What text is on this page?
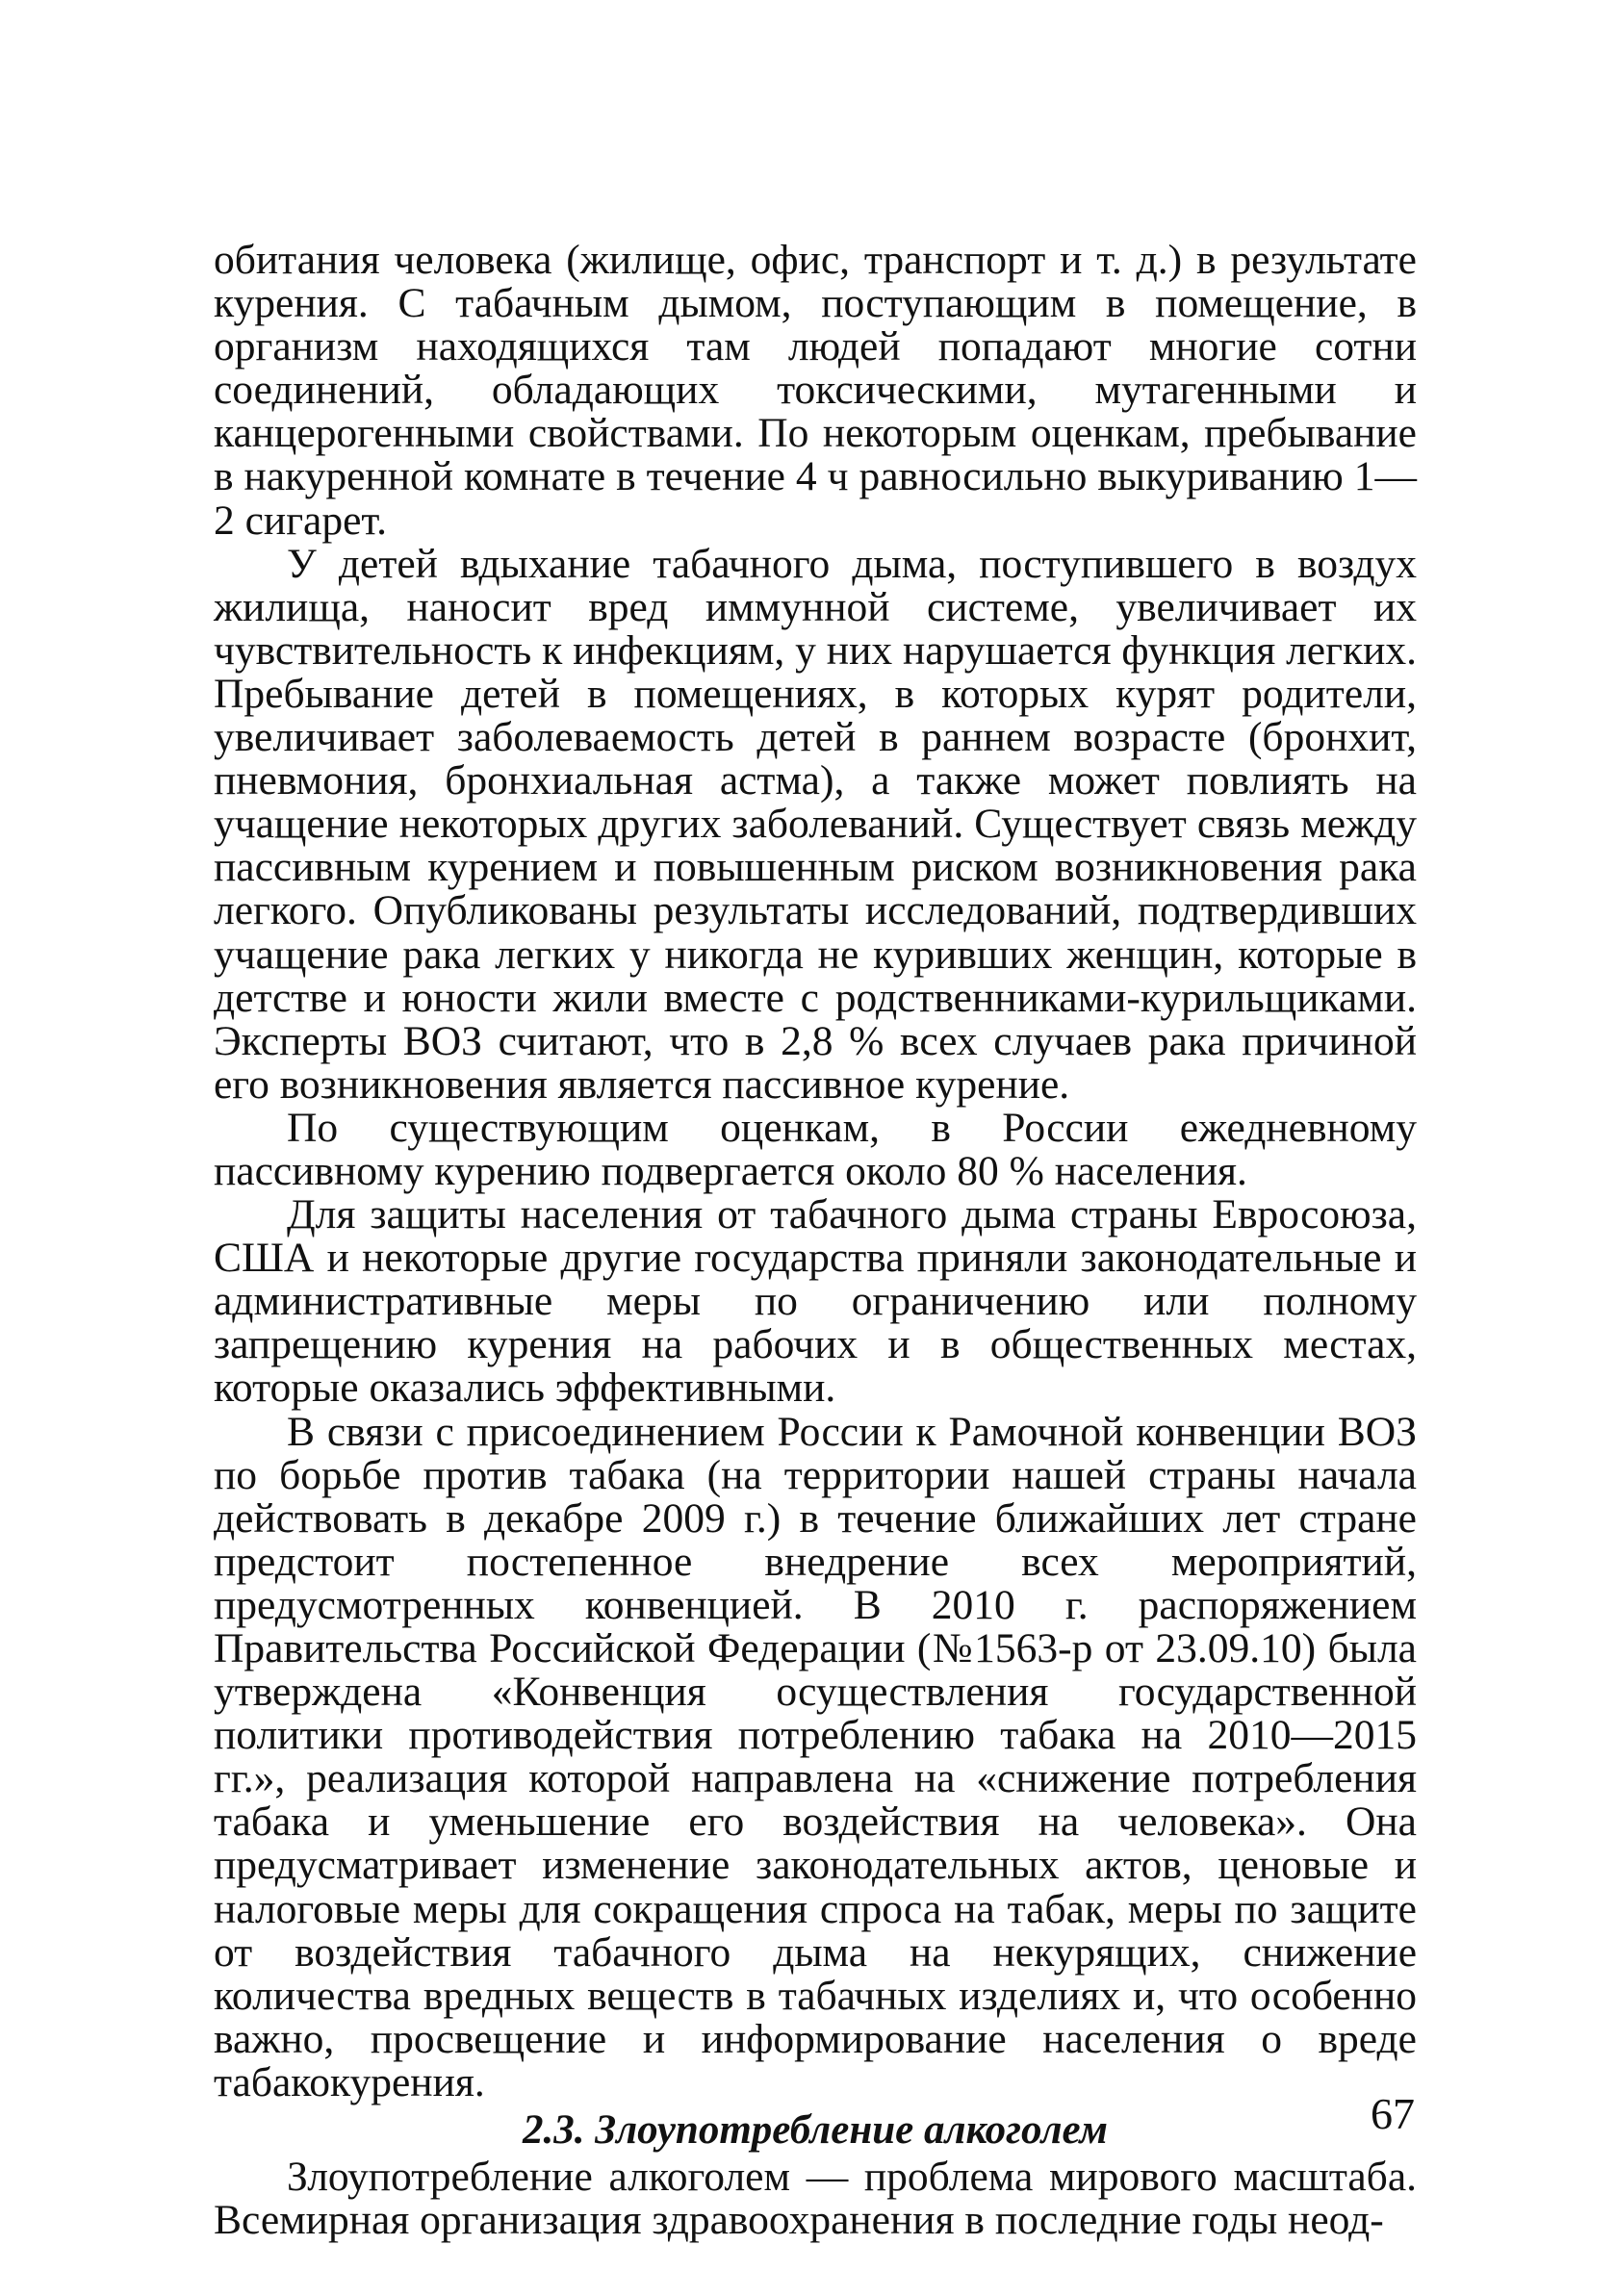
обитания человека (жилище, офис, транспорт и т. д.) в результате курения. С табачным дымом, поступающим в помещение, в организм находящихся там людей попадают многие сотни соединений, обладающих токсическими, мутагенными и канцерогенными свойствами. По некоторым оценкам, пребывание в накуренной комнате в течение 4 ч равносильно выкуриванию 1—2 сигарет.

У детей вдыхание табачного дыма, поступившего в воздух жилища, наносит вред иммунной системе, увеличивает их чувствительность к инфекциям, у них нарушается функция легких. Пребывание детей в помещениях, в которых курят родители, увеличивает заболеваемость детей в раннем возрасте (бронхит, пневмония, бронхиальная астма), а также может повлиять на учащение некоторых других заболеваний. Существует связь между пассивным курением и повышенным риском возникновения рака легкого. Опубликованы результаты исследований, подтвердивших учащение рака легких у никогда не куривших женщин, которые в детстве и юности жили вместе с родственниками-курильщиками. Эксперты ВОЗ считают, что в 2,8 % всех случаев рака причиной его возникновения является пассивное курение.

По существующим оценкам, в России ежедневному пассивному курению подвергается около 80 % населения.

Для защиты населения от табачного дыма страны Евросоюза, США и некоторые другие государства приняли законодательные и административные меры по ограничению или полному запрещению курения на рабочих и в общественных местах, которые оказались эффективными.

В связи с присоединением России к Рамочной конвенции ВОЗ по борьбе против табака (на территории нашей страны начала действовать в декабре 2009 г.) в течение ближайших лет стране предстоит постепенное внедрение всех мероприятий, предусмотренных конвенцией. В 2010 г. распоряжением Правительства Российской Федерации (№1563-р от 23.09.10) была утверждена «Конвенция осуществления государственной политики противодействия потреблению табака на 2010—2015 гг.», реализация которой направлена на «снижение потребления табака и уменьшение его воздействия на человека». Она предусматривает изменение законодательных актов, ценовые и налоговые меры для сокращения спроса на табак, меры по защите от воздействия табачного дыма на некурящих, снижение количества вредных веществ в табачных изделиях и, что особенно важно, просвещение и информирование населения о вреде табакокурения.

2.3. Злоупотребление алкоголем

Злоупотребление алкоголем — проблема мирового масштаба. Всемирная организация здравоохранения в последние годы неод-

67
